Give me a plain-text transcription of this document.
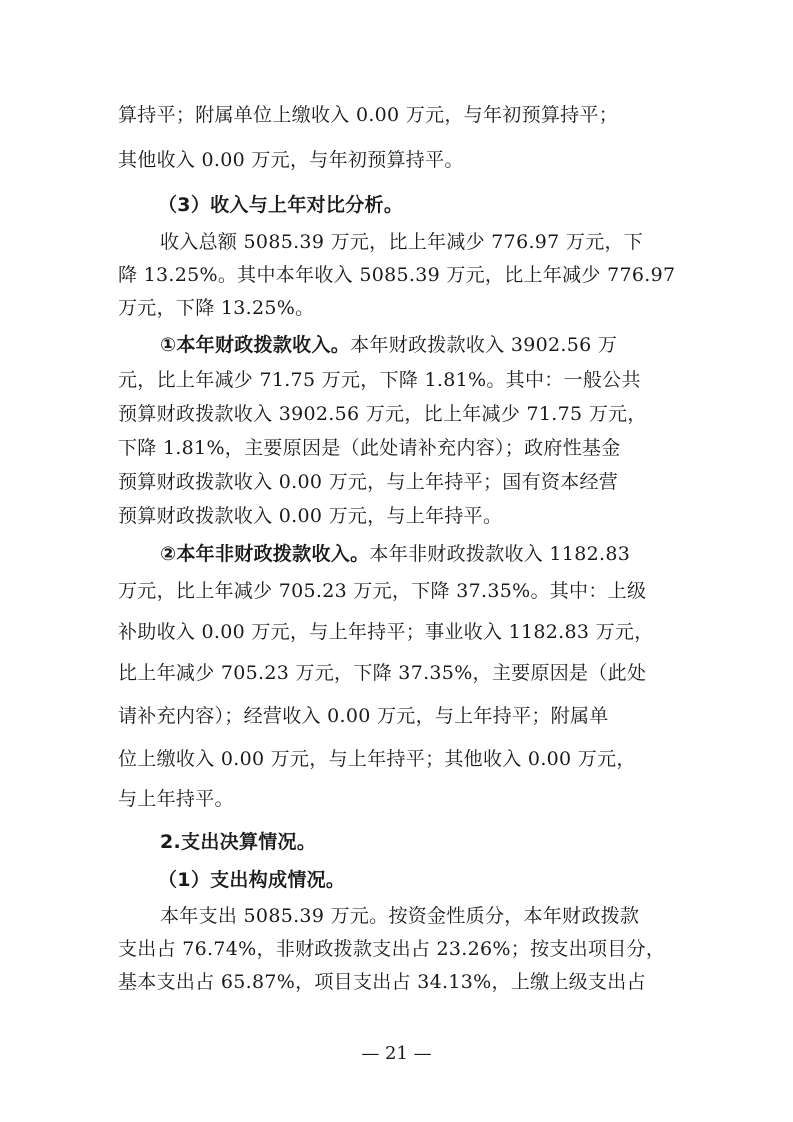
算持平；附属单位上缴收入 0.00 万元，与年初预算持平；
其他收入 0.00 万元，与年初预算持平。
（3）收入与上年对比分析。
收入总额 5085.39 万元，比上年减少 776.97 万元，下
降 13.25%。其中本年收入 5085.39 万元，比上年减少 776.97
万元，下降 13.25%。
①本年财政拨款收入。本年财政拨款收入 3902.56 万
元，比上年减少 71.75 万元，下降 1.81%。其中：一般公共
预算财政拨款收入 3902.56 万元，比上年减少 71.75 万元，
下降 1.81%，主要原因是（此处请补充内容）；政府性基金
预算财政拨款收入 0.00 万元，与上年持平；国有资本经营
预算财政拨款收入 0.00 万元，与上年持平。
②本年非财政拨款收入。本年非财政拨款收入 1182.83
万元，比上年减少 705.23 万元，下降 37.35%。其中：上级
补助收入 0.00 万元，与上年持平；事业收入 1182.83 万元，
比上年减少 705.23 万元，下降 37.35%，主要原因是（此处
请补充内容）；经营收入 0.00 万元，与上年持平；附属单
位上缴收入 0.00 万元，与上年持平；其他收入 0.00 万元，
与上年持平。
2.支出决算情况。
（1）支出构成情况。
本年支出 5085.39 万元。按资金性质分，本年财政拨款
支出占 76.74%，非财政拨款支出占 23.26%；按支出项目分，
基本支出占 65.87%，项目支出占 34.13%，上缴上级支出占
— 21 —
